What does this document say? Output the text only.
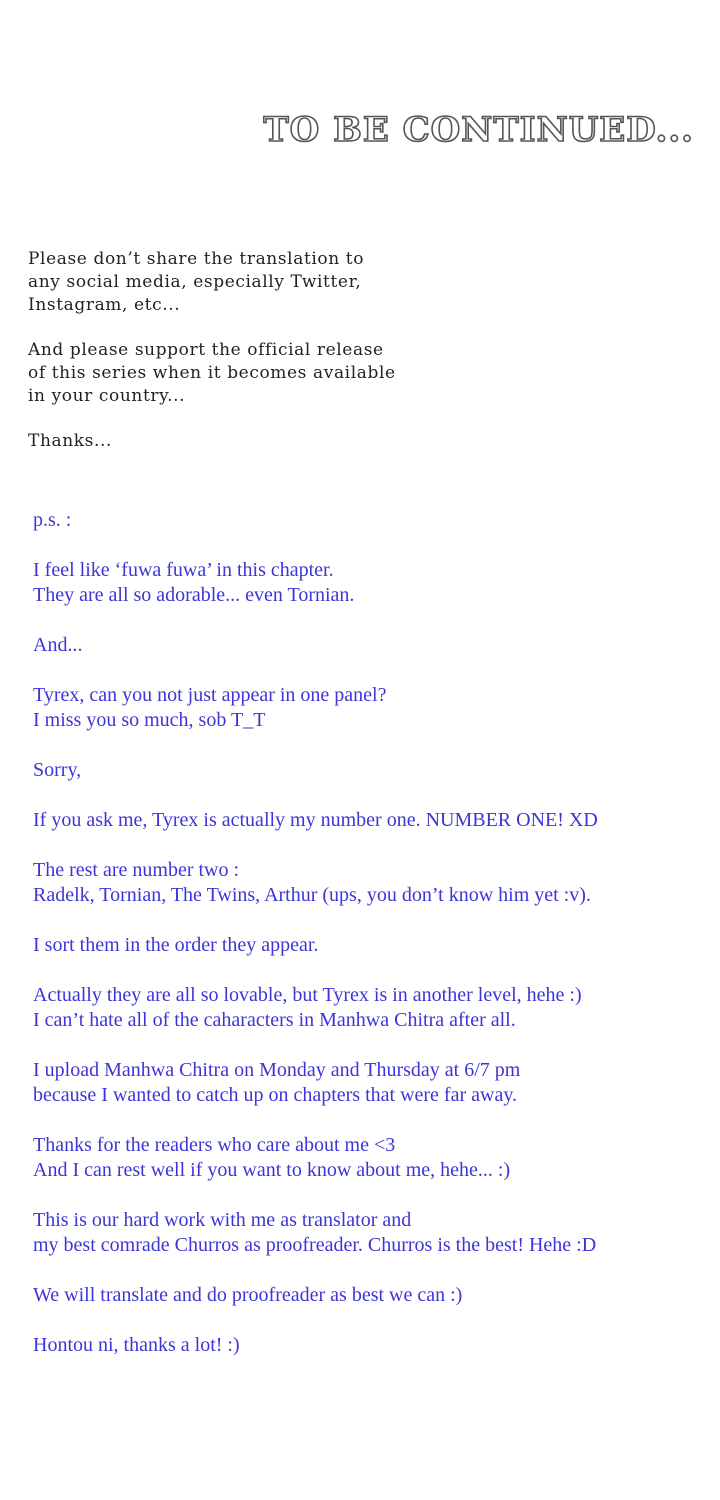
TO BE CONTINUED...

Please don’t share the translation to
any social media, especially Twitter,
Instagram, etc...

And please support the official release
of this series when it becomes available
in your country...

Thanks...

p.s. :

I feel like ‘fuwa fuwa’ in this chapter.
They are all so adorable... even Tornian.

And...

Tyrex, can you not just appear in one panel?
I miss you so much, sob T_T

Sorry,

If you ask me, Tyrex is actually my number one. NUMBER ONE! XD

The rest are number two :
Radelk, Tornian, The Twins, Arthur (ups, you don’t know him yet :v).

I sort them in the order they appear.

Actually they are all so lovable, but Tyrex is in another level, hehe :)
I can’t hate all of the caharacters in Manhwa Chitra after all.

I upload Manhwa Chitra on Monday and Thursday at 6/7 pm
because I wanted to catch up on chapters that were far away.

Thanks for the readers who care about me <3
And I can rest well if you want to know about me, hehe... :)

This is our hard work with me as translator and
my best comrade Churros as proofreader. Churros is the best! Hehe :D

We will translate and do proofreader as best we can :)

Hontou ni, thanks a lot! :)
